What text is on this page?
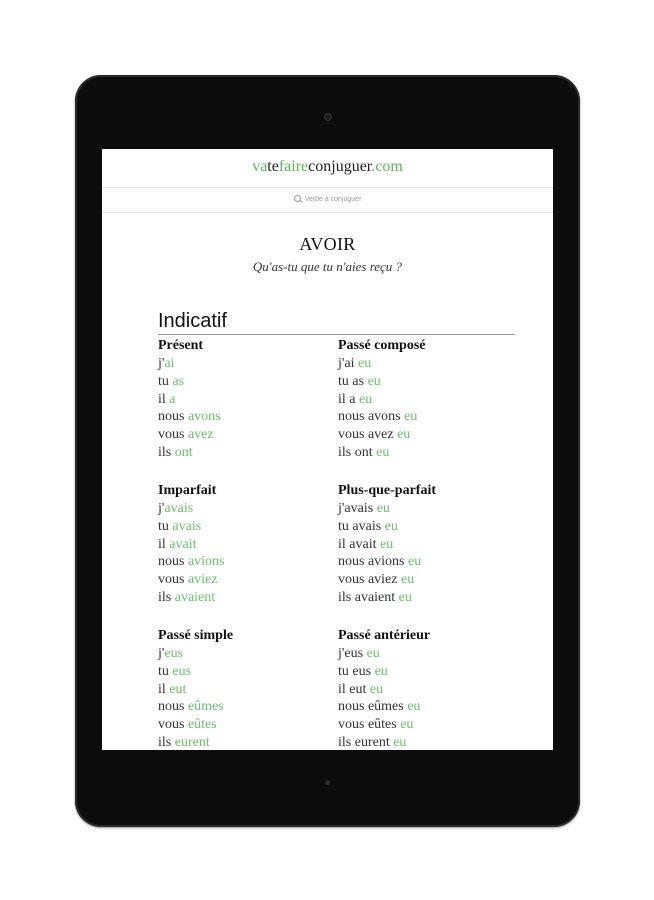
vatefaireconjuguer.com
Verbe à conjuguer
AVOIR
Qu'as-tu que tu n'aies reçu ?
Indicatif
Présent
j'ai
tu as
il a
nous avons
vous avez
ils ont
Passé composé
j'ai eu
tu as eu
il a eu
nous avons eu
vous avez eu
ils ont eu
Imparfait
j'avais
tu avais
il avait
nous avions
vous aviez
ils avaient
Plus-que-parfait
j'avais eu
tu avais eu
il avait eu
nous avions eu
vous aviez eu
ils avaient eu
Passé simple
j'eus
tu eus
il eut
nous eûmes
vous eûtes
ils eurent
Passé antérieur
j'eus eu
tu eus eu
il eut eu
nous eûmes eu
vous eûtes eu
ils eurent eu
